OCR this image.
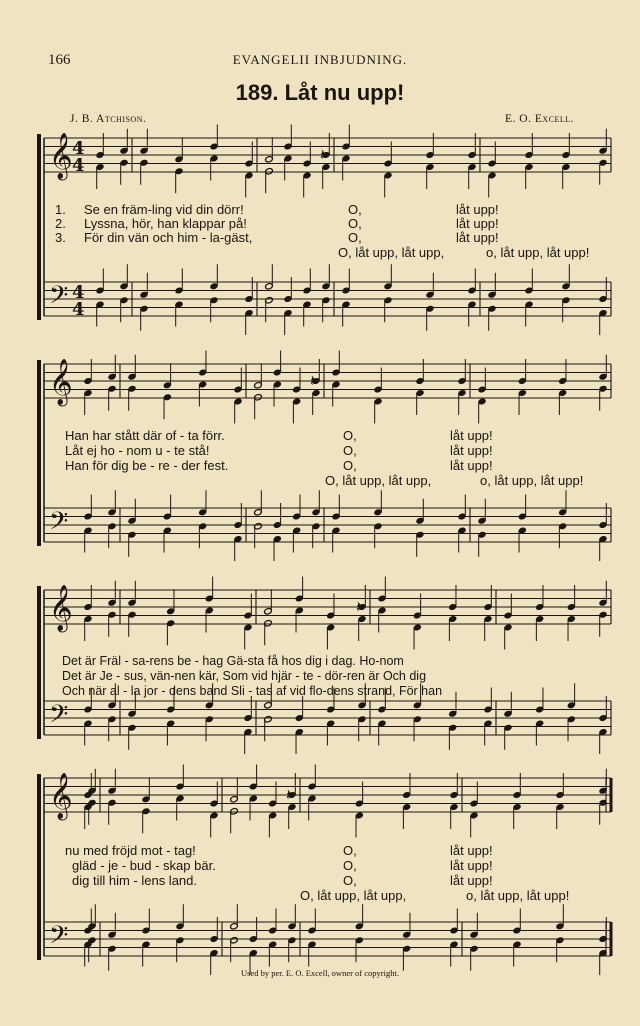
166	EVANGELII INBJUDNING.
189. Låt nu upp!
J. B. Atchison.	E. O. Excell.
𝄞
𝄢
4
4
4
4
𝄽
𝄞
𝄢
𝄽
𝄞
𝄢
𝄽
𝄞
𝄢
𝄽
1. Se en främ-ling vid din dörr!	O,	låt upp!
2. Lyssna, hör, han klappar på!	O,	låt upp!
3. För din vän och him - la-gäst,	O,	låt upp!
O, låt upp, låt upp,	o, låt upp, låt upp!
Han har stått där of - ta förr.	O,	låt upp!
Låt ej ho - nom u - te stå!	O,	låt upp!
Han för dig be - re - der fest.	O,	låt upp!
O, låt upp, låt upp,	o, låt upp, låt upp!
Det är Fräl - sa-rens be - hag Gä-sta få hos dig i dag. Ho-nom
Det är Je - sus, vän-nen kär, Som vid hjär - te - dör-ren är Och dig
Och när al - la jor - dens band Sli - tas af vid flo-dens strand, För han
nu med fröjd mot - tag!	O,	låt upp!
gläd - je - bud - skap bär.	O,	låt upp!
dig till him - lens land.	O,	låt upp!
O, låt upp, låt upp,	o, låt upp, låt upp!
Used by per. E. O. Excell, owner of copyright.
